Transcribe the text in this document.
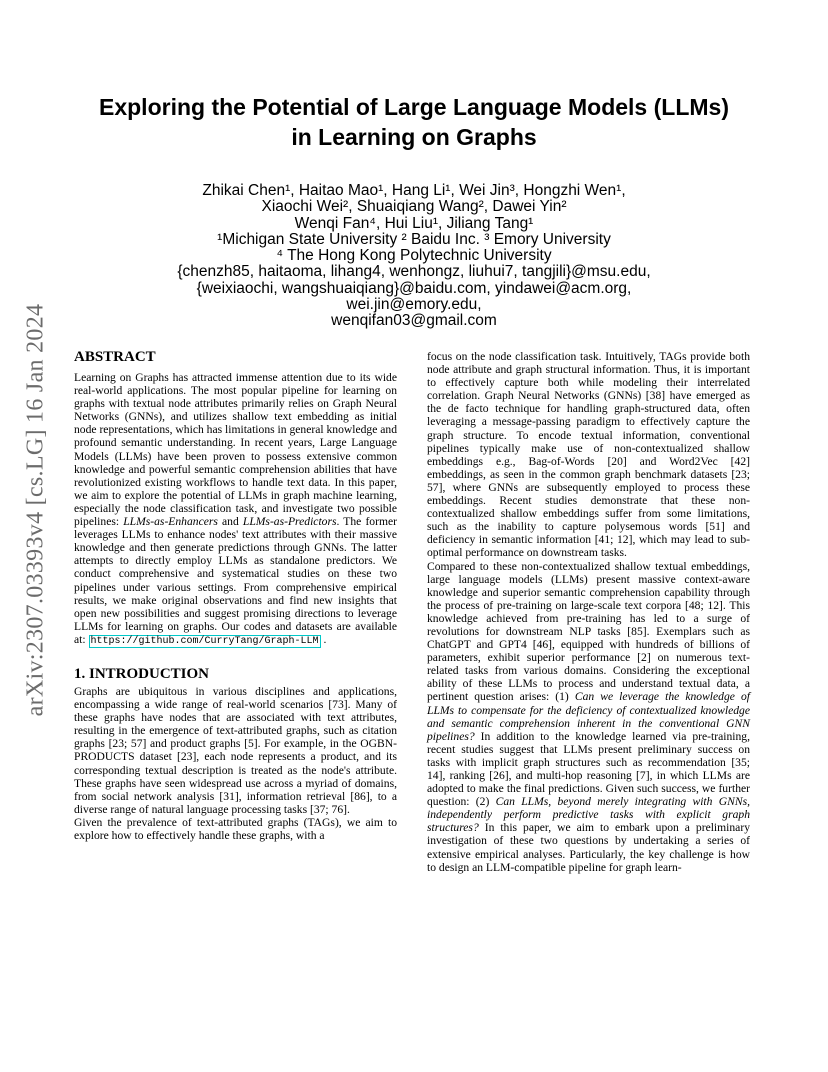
arXiv:2307.03393v4 [cs.LG] 16 Jan 2024
Exploring the Potential of Large Language Models (LLMs)
in Learning on Graphs
Zhikai Chen¹, Haitao Mao¹, Hang Li¹, Wei Jin³, Hongzhi Wen¹,
Xiaochi Wei², Shuaiqiang Wang², Dawei Yin²
Wenqi Fan⁴, Hui Liu¹, Jiliang Tang¹
¹Michigan State University ² Baidu Inc. ³ Emory University
⁴ The Hong Kong Polytechnic University
{chenzh85, haitaoma, lihang4, wenhongz, liuhui7, tangjili}@msu.edu,
{weixiaochi, wangshuaiqiang}@baidu.com, yindawei@acm.org,
wei.jin@emory.edu,
wenqifan03@gmail.com
ABSTRACT

Learning on Graphs has attracted immense attention due to its wide real-world applications. The most popular pipeline for learning on graphs with textual node attributes primarily relies on Graph Neural Networks (GNNs), and utilizes shallow text embedding as initial node representations, which has limitations in general knowledge and profound semantic understanding. In recent years, Large Language Models (LLMs) have been proven to possess extensive common knowledge and powerful semantic comprehension abilities that have revolutionized existing workflows to handle text data. In this paper, we aim to explore the potential of LLMs in graph machine learning, especially the node classification task, and investigate two possible pipelines: LLMs-as-Enhancers and LLMs-as-Predictors. The former leverages LLMs to enhance nodes' text attributes with their massive knowledge and then generate predictions through GNNs. The latter attempts to directly employ LLMs as standalone predictors. We conduct comprehensive and systematical studies on these two pipelines under various settings. From comprehensive empirical results, we make original observations and find new insights that open new possibilities and suggest promising directions to leverage LLMs for learning on graphs. Our codes and datasets are available at: https://github.com/CurryTang/Graph-LLM .

1. INTRODUCTION

Graphs are ubiquitous in various disciplines and applications, encompassing a wide range of real-world scenarios [73]. Many of these graphs have nodes that are associated with text attributes, resulting in the emergence of text-attributed graphs, such as citation graphs [23; 57] and product graphs [5]. For example, in the OGBN-PRODUCTS dataset [23], each node represents a product, and its corresponding textual description is treated as the node's attribute. These graphs have seen widespread use across a myriad of domains, from social network analysis [31], information retrieval [86], to a diverse range of natural language processing tasks [37; 76].

Given the prevalence of text-attributed graphs (TAGs), we aim to explore how to effectively handle these graphs, with a

focus on the node classification task. Intuitively, TAGs provide both node attribute and graph structural information. Thus, it is important to effectively capture both while modeling their interrelated correlation. Graph Neural Networks (GNNs) [38] have emerged as the de facto technique for handling graph-structured data, often leveraging a message-passing paradigm to effectively capture the graph structure. To encode textual information, conventional pipelines typically make use of non-contextualized shallow embeddings e.g., Bag-of-Words [20] and Word2Vec [42] embeddings, as seen in the common graph benchmark datasets [23; 57], where GNNs are subsequently employed to process these embeddings. Recent studies demonstrate that these non-contextualized shallow embeddings suffer from some limitations, such as the inability to capture polysemous words [51] and deficiency in semantic information [41; 12], which may lead to sub-optimal performance on downstream tasks.

Compared to these non-contextualized shallow textual embeddings, large language models (LLMs) present massive context-aware knowledge and superior semantic comprehension capability through the process of pre-training on large-scale text corpora [48; 12]. This knowledge achieved from pre-training has led to a surge of revolutions for downstream NLP tasks [85]. Exemplars such as ChatGPT and GPT4 [46], equipped with hundreds of billions of parameters, exhibit superior performance [2] on numerous text-related tasks from various domains. Considering the exceptional ability of these LLMs to process and understand textual data, a pertinent question arises: (1) Can we leverage the knowledge of LLMs to compensate for the deficiency of contextualized knowledge and semantic comprehension inherent in the conventional GNN pipelines? In addition to the knowledge learned via pre-training, recent studies suggest that LLMs present preliminary success on tasks with implicit graph structures such as recommendation [35; 14], ranking [26], and multi-hop reasoning [7], in which LLMs are adopted to make the final predictions. Given such success, we further question: (2) Can LLMs, beyond merely integrating with GNNs, independently perform predictive tasks with explicit graph structures? In this paper, we aim to embark upon a preliminary investigation of these two questions by undertaking a series of extensive empirical analyses. Particularly, the key challenge is how to design an LLM-compatible pipeline for graph learn-
